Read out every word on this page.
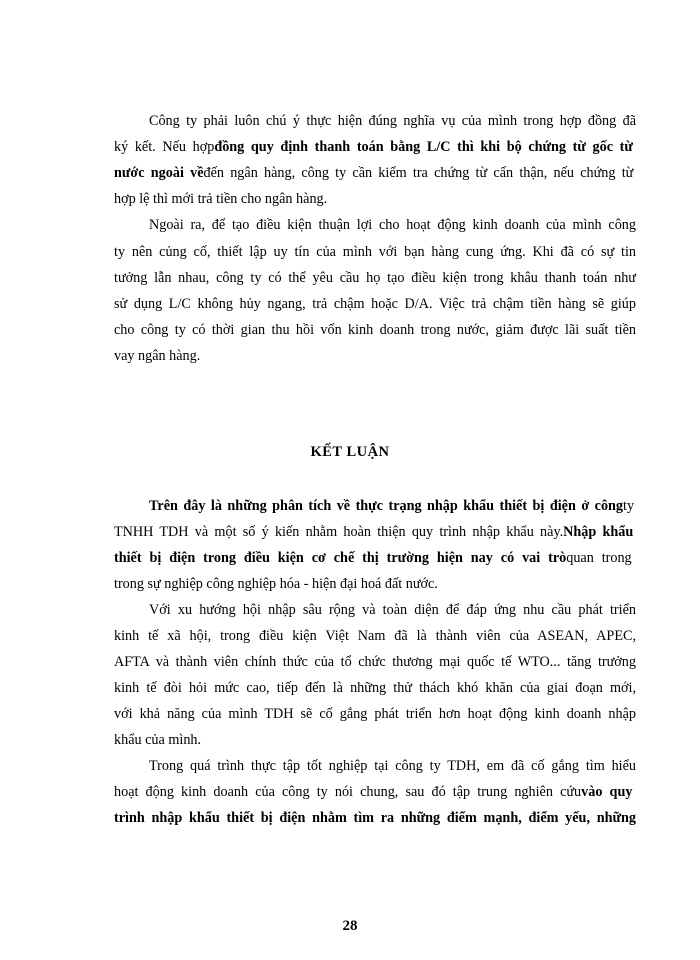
Công ty phải luôn chú ý thực hiện đúng nghĩa vụ của mình trong hợp đồng đã
ký kết. Nếu hợpđồng quy định thanh toán bằng L/C thì khi bộ chứng từ gốc từ
nước ngoài vềđến ngân hàng, công ty cần kiểm tra chứng từ cẩn thận, nếu chứng từ
hợp lệ thì mới trả tiền cho ngân hàng.
Ngoài ra, để tạo điều kiện thuận lợi cho hoạt động kinh doanh của mình công
ty nên củng cố, thiết lập uy tín của mình với bạn hàng cung ứng. Khi đã có sự tin
tưởng lẫn nhau, công ty có thể yêu cầu họ tạo điều kiện trong khâu thanh toán như
sử dụng L/C không hủy ngang, trả chậm hoặc D/A. Việc trả chậm tiền hàng sẽ giúp
cho công ty có thời gian thu hồi vốn kinh doanh trong nước, giảm được lãi suất tiền
vay ngân hàng.
KẾT LUẬN
Trên đây là những phân tích về thực trạng nhập khẩu thiết bị điện ở côngty
TNHH TDH và một số ý kiến nhằm hoàn thiện quy trình nhập khẩu này.Nhập khẩu
thiết bị điện trong điều kiện cơ chế thị trường hiện nay có vai tròquan trong
trong sự nghiệp công nghiệp hóa - hiện đại hoá đất nước.
Với xu hướng hội nhập sâu rộng và toàn diện để đáp ứng nhu cầu phát triển
kinh tế xã hội, trong điều kiện Việt Nam đã là thành viên của ASEAN, APEC,
AFTA và thành viên chính thức của tổ chức thương mại quốc tế WTO... tăng trưởng
kinh tế đòi hỏi mức cao, tiếp đến là những thử thách khó khăn của giai đoạn mới,
với khả năng của mình TDH sẽ cố gắng phát triển hơn hoạt động kinh doanh nhập
khẩu của mình.
Trong quá trình thực tập tốt nghiệp tại công ty TDH, em đã cố gắng tìm hiểu
hoạt động kinh doanh của công ty nói chung, sau đó tập trung nghiên cứuvào quy
trình nhập khẩu thiết bị điện nhằm tìm ra những điểm mạnh, điểm yếu, những
28
